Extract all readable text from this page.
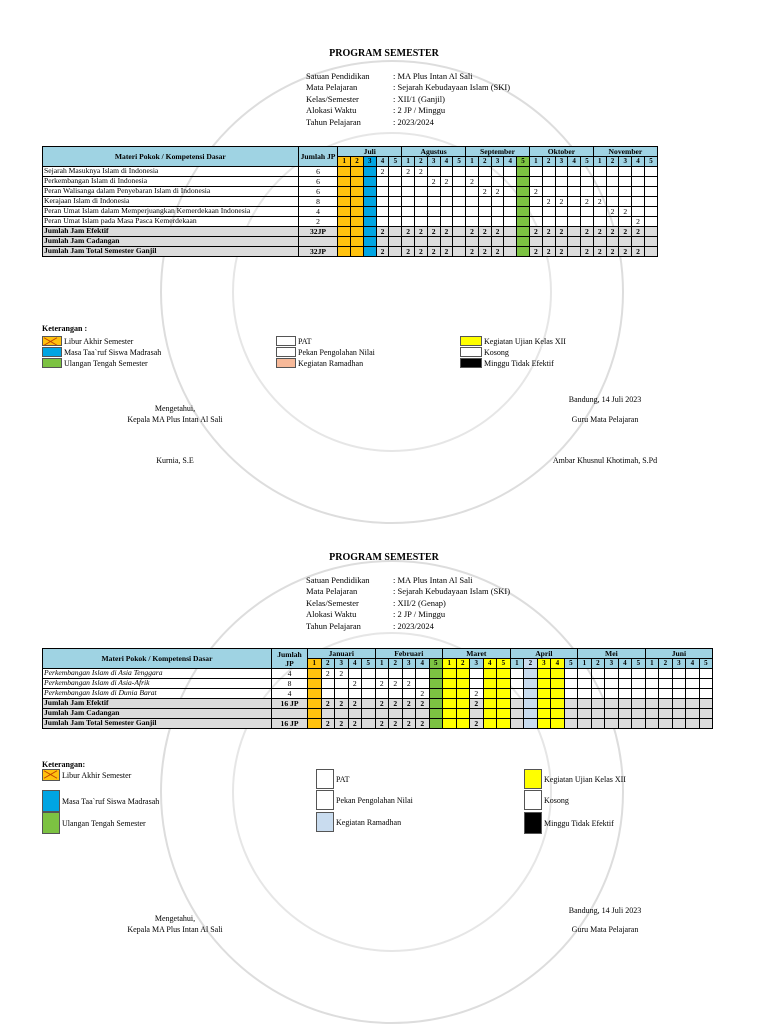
PROGRAM SEMESTER
Satuan Pendidikan	: MA Plus Intan Al Sali
Mata Pelajaran	: Sejarah Kebudayaan Islam (SKI)
Kelas/Semester	: XII/1 (Ganjil)
Alokasi Waktu	: 2 JP / Minggu
Tahun Pelajaran	: 2023/2024
Materi Pokok / Kompetensi Dasar	Jumlah JP	Juli					Agustus					September					Oktober					November				
		1	2	3	4	5	1	2	3	4	5	1	2	3	4	5	1	2	3	4	5	1	2	3	4	5
Sejarah Masuknya Islam di Indonesia	6				2		2	2																		
Perkembangan Islam di Indonesia	6								2	2		2														
Peran Walisanga dalam Penyebaran Islam di Indonesia	6												2	2			2									
Kerajaan Islam di Indonesia	8																	2	2		2	2				
Peran Umat Islam dalam Memperjuangkan Kemerdekaan Indonesia	4																						2	2		
Peran Umat Islam pada Masa Pasca Kemerdekaan	2																								2	
Jumlah Jam Efektif	32JP				2		2	2	2	2		2	2	2			2	2	2		2	2	2	2	2	
Jumlah Jam Cadangan																										
Jumlah Jam Total Semester Ganjil	32JP				2		2	2	2	2		2	2	2			2	2	2		2	2	2	2	2	
Keterangan :
Libur Akhir Semester
Masa Taa`ruf Siswa Madrasah
Ulangan Tengah Semester
PAT
Pekan Pengolahan Nilai
Kegiatan Ramadhan
Kegiatan Ujian Kelas XII
Kosong
Minggu Tidak Efektif
Bandung, 14 Juli 2023
Mengetahui,
Kepala MA Plus Intan Al Sali	Guru Mata Pelajaran
Kurnia, S.E	Ambar Khusnul Khotimah, S.Pd
PROGRAM SEMESTER
Satuan Pendidikan	: MA Plus Intan Al Sali
Mata Pelajaran	: Sejarah Kebudayaan Islam (SKI)
Kelas/Semester	: XII/2 (Genap)
Alokasi Waktu	: 2 JP / Minggu
Tahun Pelajaran	: 2023/2024
Materi Pokok / Kompetensi Dasar	Jumlah JP	Januari					Februari					Maret					April					Mei					Juni				
		1	2	3	4	5	1	2	3	4	5	1	2	3	4	5	1	2	3	4	5	1	2	3	4	5	1	2	3	4	5
Perkembangan Islam di Asia Tenggara	4		2	2																											
Perkembangan Islam di Asia-Afrik	8				2		2	2	2																						
Perkembangan Islam di Dunia Barat	4									2				2																	
Jumlah Jam Efektif	16 JP		2	2	2		2	2	2	2				2																	
Jumlah Jam Cadangan																															
Jumlah Jam Total Semester Ganjil	16 JP		2	2	2		2	2	2	2				2																	
Keterangan:
Libur Akhir Semester
Masa Taa`ruf Siswa Madrasah
Ulangan Tengah Semester
PAT
Pekan Pengolahan Nilai
Kegiatan Ramadhan
Kegiatan Ujian Kelas XII
Kosong
Minggu Tidak Efektif
Bandung, 14 Juli 2023
Mengetahui,
Kepala MA Plus Intan Al Sali	Guru Mata Pelajaran
